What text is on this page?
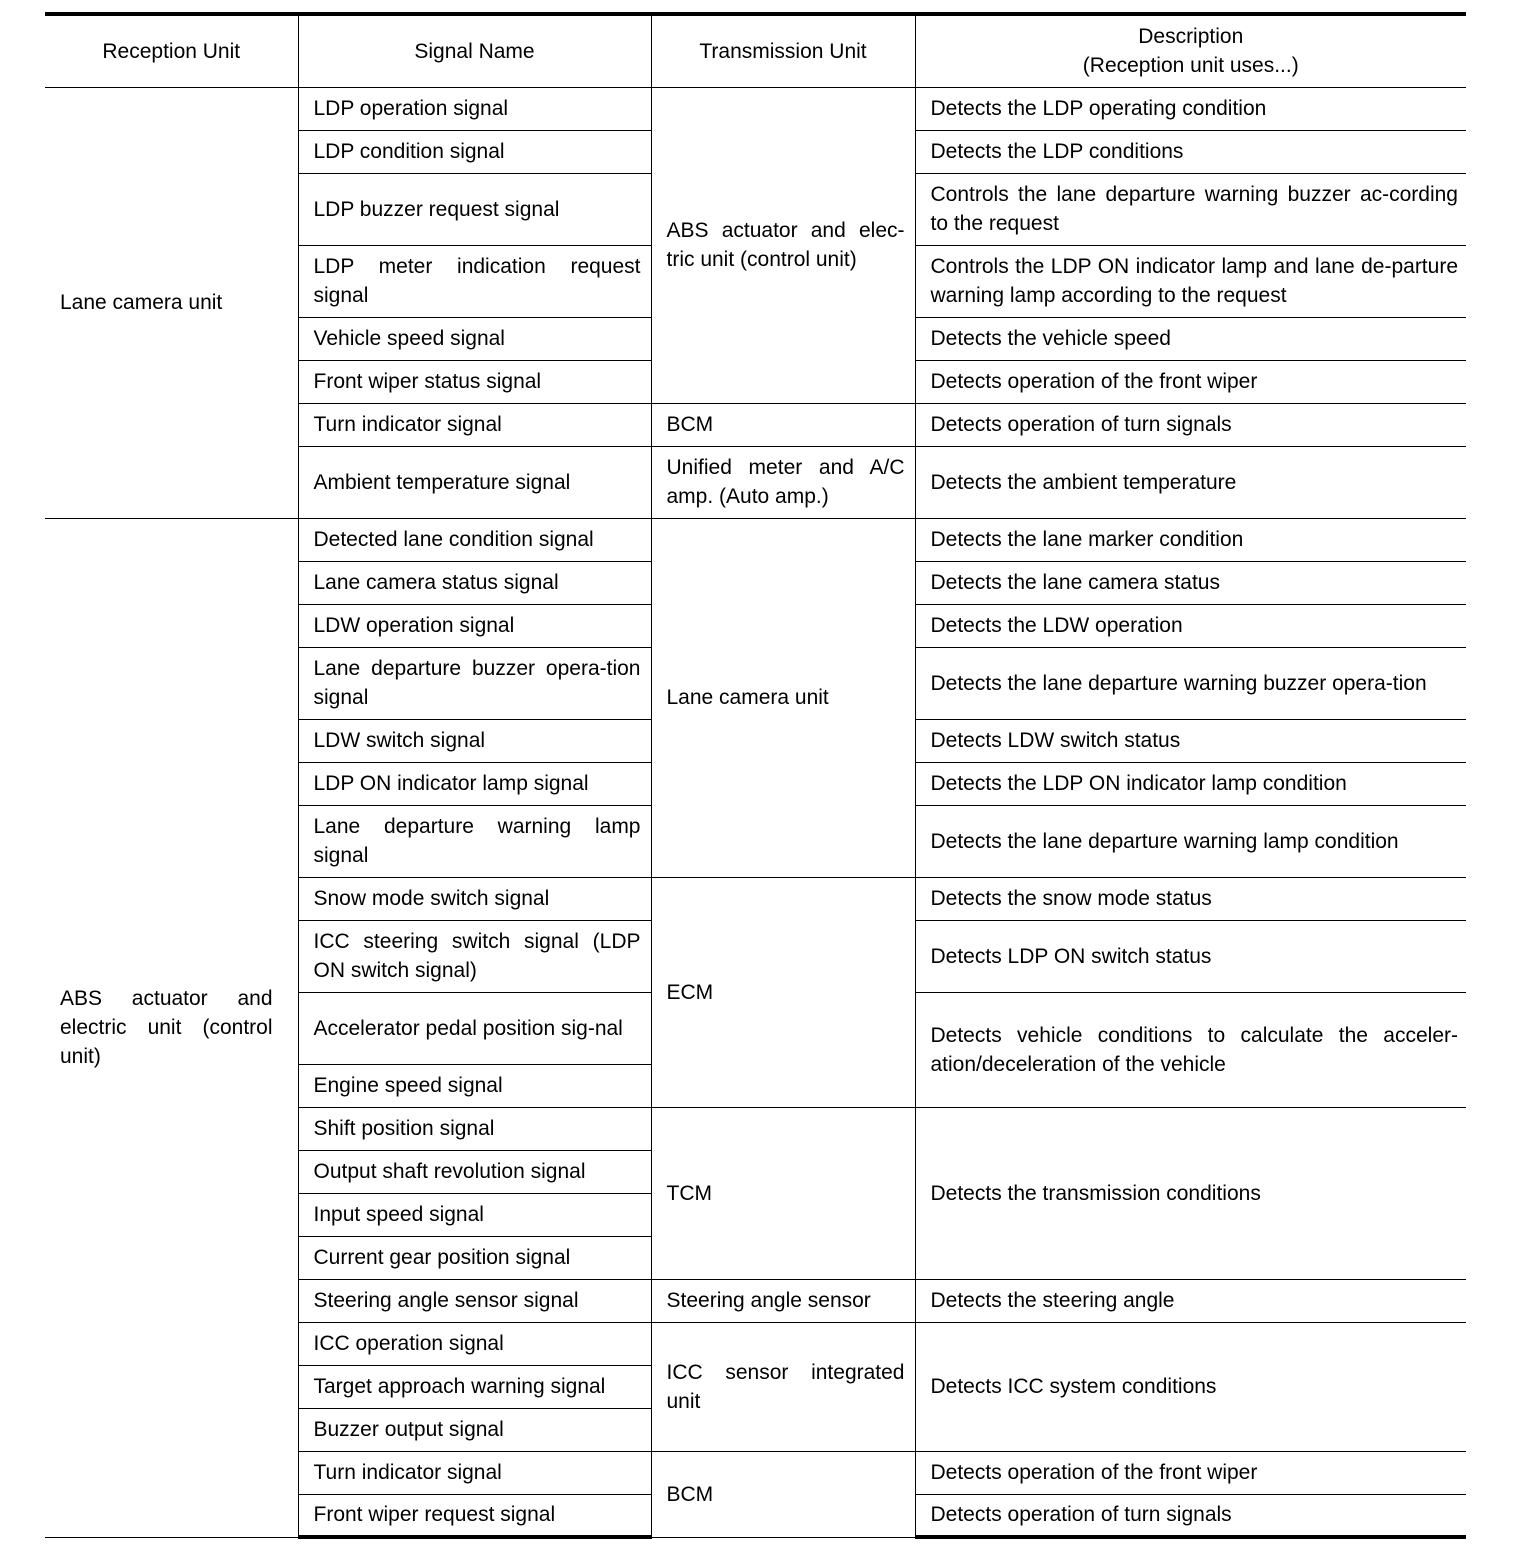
Reception Unit	Signal Name	Transmission Unit	Description
(Reception unit uses...)

Lane camera unit	LDP operation signal	ABS actuator and elec-tric unit (control unit)	Detects the LDP operating condition
	LDP condition signal		Detects the LDP conditions
	LDP buzzer request signal		Controls the lane departure warning buzzer ac-cording to the request
	LDP meter indication request signal		Controls the LDP ON indicator lamp and lane de-parture warning lamp according to the request
	Vehicle speed signal		Detects the vehicle speed
	Front wiper status signal		Detects operation of the front wiper
	Turn indicator signal	BCM	Detects operation of turn signals
	Ambient temperature signal	Unified meter and A/C amp. (Auto amp.)	Detects the ambient temperature
ABS actuator and electric unit (control unit)	Detected lane condition signal	Lane camera unit	Detects the lane marker condition
	Lane camera status signal		Detects the lane camera status
	LDW operation signal		Detects the LDW operation
	Lane departure buzzer opera-tion signal		Detects the lane departure warning buzzer opera-tion
	LDW switch signal		Detects LDW switch status
	LDP ON indicator lamp signal		Detects the LDP ON indicator lamp condition
	Lane departure warning lamp signal		Detects the lane departure warning lamp condition
	Snow mode switch signal	ECM	Detects the snow mode status
	ICC steering switch signal (LDP ON switch signal)		Detects LDP ON switch status
	Accelerator pedal position sig-nal		Detects vehicle conditions to calculate the acceler-ation/deceleration of the vehicle
	Engine speed signal		
	Shift position signal	TCM	Detects the transmission conditions
	Output shaft revolution signal		
	Input speed signal		
	Current gear position signal		
	Steering angle sensor signal	Steering angle sensor	Detects the steering angle
	ICC operation signal	ICC sensor integrated unit	Detects ICC system conditions
	Target approach warning signal		
	Buzzer output signal		
	Turn indicator signal	BCM	Detects operation of the front wiper
	Front wiper request signal		Detects operation of turn signals
